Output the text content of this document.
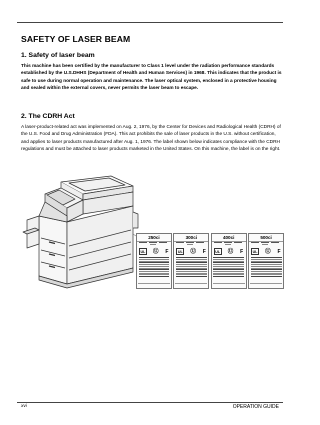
SAFETY OF LASER BEAM
1. Safety of laser beam
This machine has been certified by the manufacturer to Class 1 level under the radiation performance standards established by the U.S.DHHS (Department of Health and Human Services) in 1968. This indicates that the product is safe to use during normal operation and maintenance. The laser optical system, enclosed in a protective housing and sealed within the external covers, never permits the laser beam to escape.
2. The CDRH Act
A laser-product-related act was implemented on Aug. 2, 1976, by the Center for Devices and Radiological Health (CDRH) of the U.S. Food and Drug Administration (FDA). This act prohibits the sale of laser products in the U.S. without certification, and applies to laser products manufactured after Aug. 1, 1976. The label shown below indicates compliance with the CDRH regulations and must be attached to laser products marketed in the United States. On this machine, the label is on the right.
250ci
UL Ⓤ F
300ci
UL Ⓤ F
400ci
UL Ⓤ F
500ci
UL Ⓤ F
xvi	OPERATION GUIDE
